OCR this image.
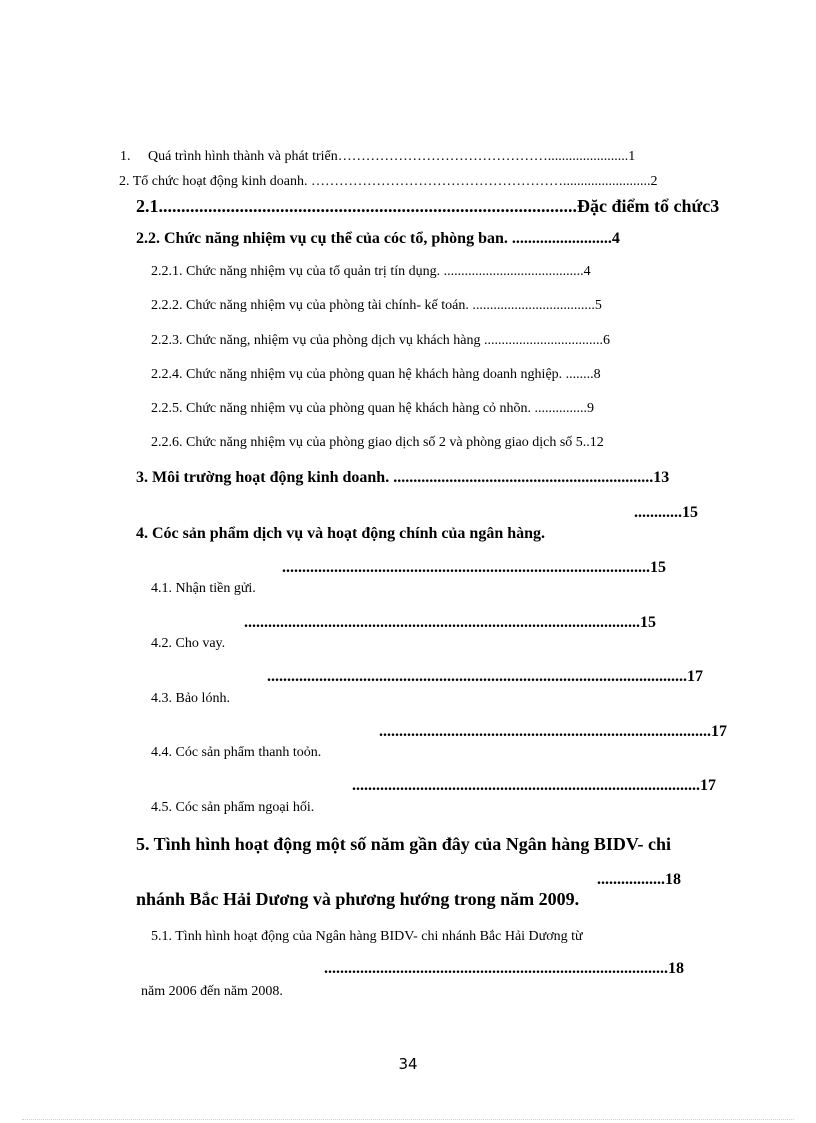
1. Quá trình hình thành và phát triển……………………………………….......................1
2. Tổ chức hoạt động kinh doanh. ……………………………………………….........................2
2.1.............................................................................................Đặc điểm tổ chức3
2.2. Chức năng nhiệm vụ cụ thể của cóc tổ, phòng ban. .........................4
2.2.1. Chức năng nhiệm vụ của tổ quản trị tín dụng. ........................................4
2.2.2. Chức năng nhiệm vụ của phòng tài chính- kế toán. ...................................5
2.2.3. Chức năng, nhiệm vụ của phòng dịch vụ khách hàng ..................................6
2.2.4. Chức năng nhiệm vụ của phòng quan hệ khách hàng doanh nghiệp. ........8
2.2.5. Chức năng nhiệm vụ của phòng quan hệ khách hàng cỏ nhõn. ...............9
2.2.6. Chức năng nhiệm vụ của phòng giao dịch số 2 và phòng giao dịch số 5..12
3. Môi trường hoạt động kinh doanh. .................................................................13
............15
4. Cóc sản phẩm dịch vụ và hoạt động chính của ngân hàng.
............................................................................................15
4.1. Nhận tiền gửi.
...................................................................................................15
4.2. Cho vay.
.........................................................................................................17
4.3. Bảo lónh.
...................................................................................17
4.4. Cóc sản phẩm thanh toỏn.
.......................................................................................17
4.5. Cóc sản phẩm ngoại hối.
5. Tình hình hoạt động một số năm gần đây của Ngân hàng BIDV- chi
.................18
nhánh Bắc Hải Dương và phương hướng trong năm 2009.
5.1. Tình hình hoạt động của Ngân hàng BIDV- chi nhánh Bắc Hải Dương từ
......................................................................................18
năm 2006 đến năm 2008.
34
